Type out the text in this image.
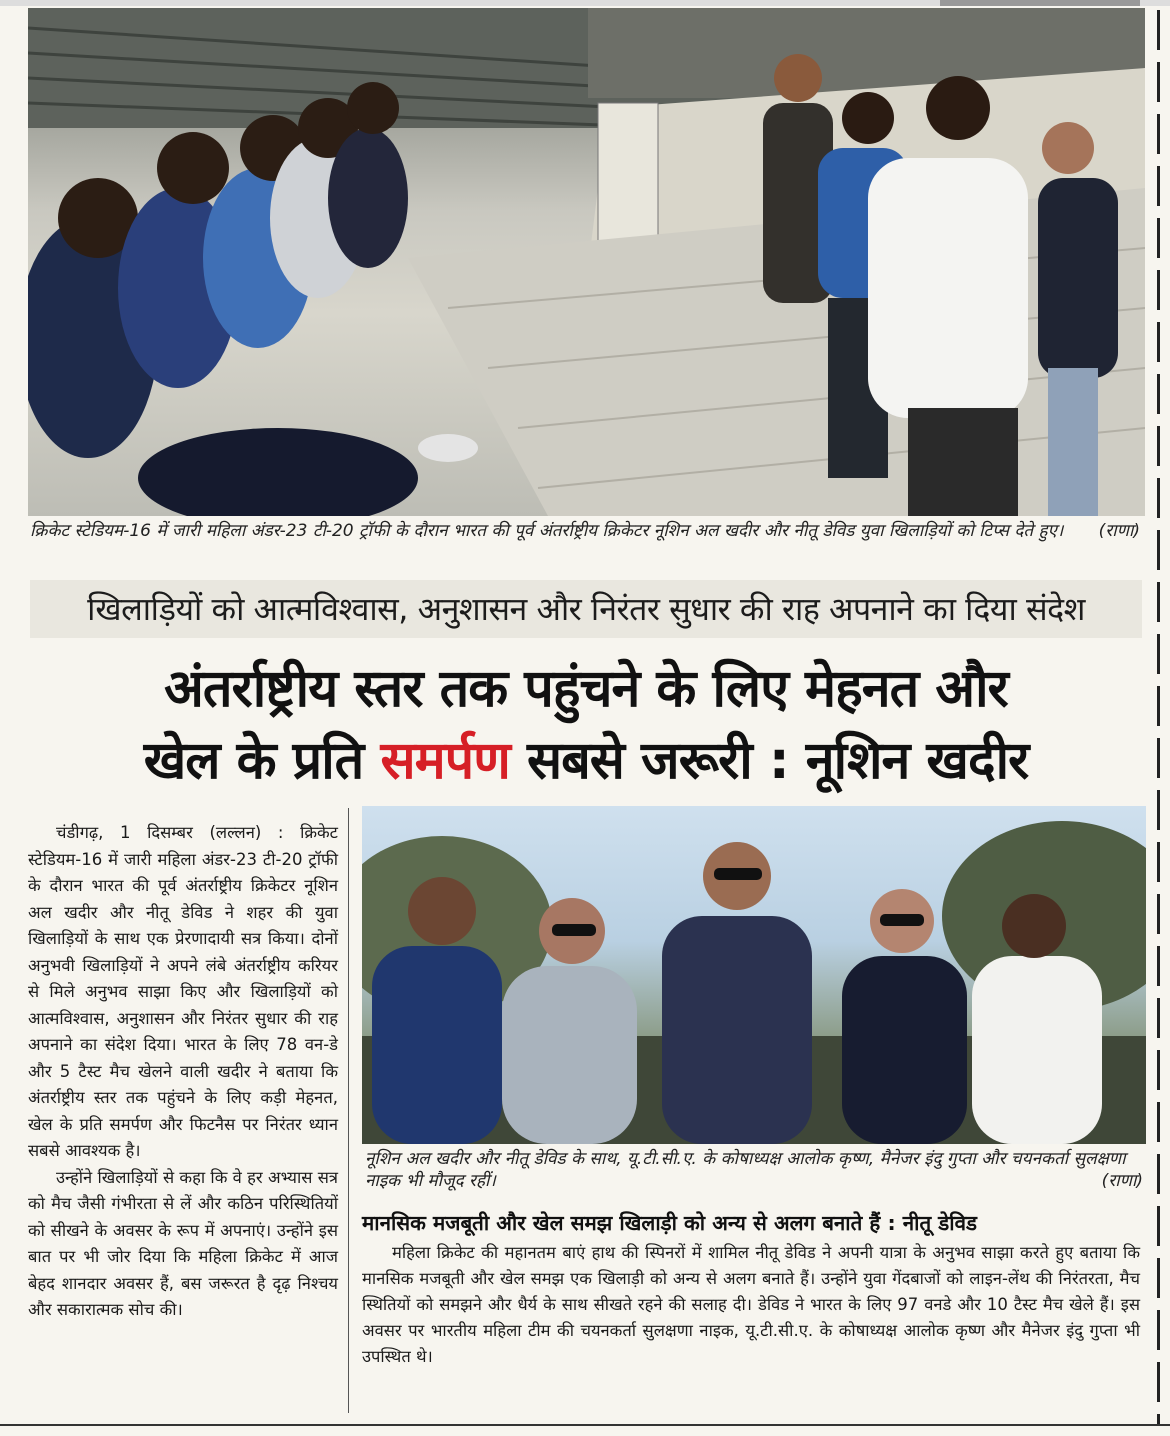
क्रिकेट स्टेडियम-16 में जारी महिला अंडर-23 टी-20 ट्रॉफी के दौरान भारत की पूर्व अंतर्राष्ट्रीय क्रिकेटर नूशिन अल खदीर और नीतू डेविड युवा खिलाड़ियों को टिप्स देते हुए। (राणा)
खिलाड़ियों को आत्मविश्वास, अनुशासन और निरंतर सुधार की राह अपनाने का दिया संदेश
अंतर्राष्ट्रीय स्तर तक पहुंचने के लिए मेहनत और
खेल के प्रति समर्पण सबसे जरूरी : नूशिन खदीर

चंडीगढ़, 1 दिसम्बर (लल्लन) : क्रिकेट स्टेडियम-16 में जारी महिला अंडर-23 टी-20 ट्रॉफी के दौरान भारत की पूर्व अंतर्राष्ट्रीय क्रिकेटर नूशिन अल खदीर और नीतू डेविड ने शहर की युवा खिलाड़ियों के साथ एक प्रेरणादायी सत्र किया। दोनों अनुभवी खिलाड़ियों ने अपने लंबे अंतर्राष्ट्रीय करियर से मिले अनुभव साझा किए और खिलाड़ियों को आत्मविश्वास, अनुशासन और निरंतर सुधार की राह अपनाने का संदेश दिया। भारत के लिए 78 वन-डे और 5 टैस्ट मैच खेलने वाली खदीर ने बताया कि अंतर्राष्ट्रीय स्तर तक पहुंचने के लिए कड़ी मेहनत, खेल के प्रति समर्पण और फिटनैस पर निरंतर ध्यान सबसे आवश्यक है।

उन्होंने खिलाड़ियों से कहा कि वे हर अभ्यास सत्र को मैच जैसी गंभीरता से लें और कठिन परिस्थितियों को सीखने के अवसर के रूप में अपनाएं। उन्होंने इस बात पर भी जोर दिया कि महिला क्रिकेट में आज बेहद शानदार अवसर हैं, बस जरूरत है दृढ़ निश्चय और सकारात्मक सोच की।

नूशिन अल खदीर और नीतू डेविड के साथ, यू.टी.सी.ए. के कोषाध्यक्ष आलोक कृष्ण, मैनेजर इंदु गुप्ता और चयनकर्ता सुलक्षणा नाइक भी मौजूद रहीं।	(राणा)
मानसिक मजबूती और खेल समझ खिलाड़ी को अन्य से अलग बनाते हैं : नीतू डेविड

महिला क्रिकेट की महानतम बाएं हाथ की स्पिनरों में शामिल नीतू डेविड ने अपनी यात्रा के अनुभव साझा करते हुए बताया कि मानसिक मजबूती और खेल समझ एक खिलाड़ी को अन्य से अलग बनाते हैं। उन्होंने युवा गेंदबाजों को लाइन-लेंथ की निरंतरता, मैच स्थितियों को समझने और धैर्य के साथ सीखते रहने की सलाह दी। डेविड ने भारत के लिए 97 वनडे और 10 टैस्ट मैच खेले हैं। इस अवसर पर भारतीय महिला टीम की चयनकर्ता सुलक्षणा नाइक, यू.टी.सी.ए. के कोषाध्यक्ष आलोक कृष्ण और मैनेजर इंदु गुप्ता भी उपस्थित थे।
